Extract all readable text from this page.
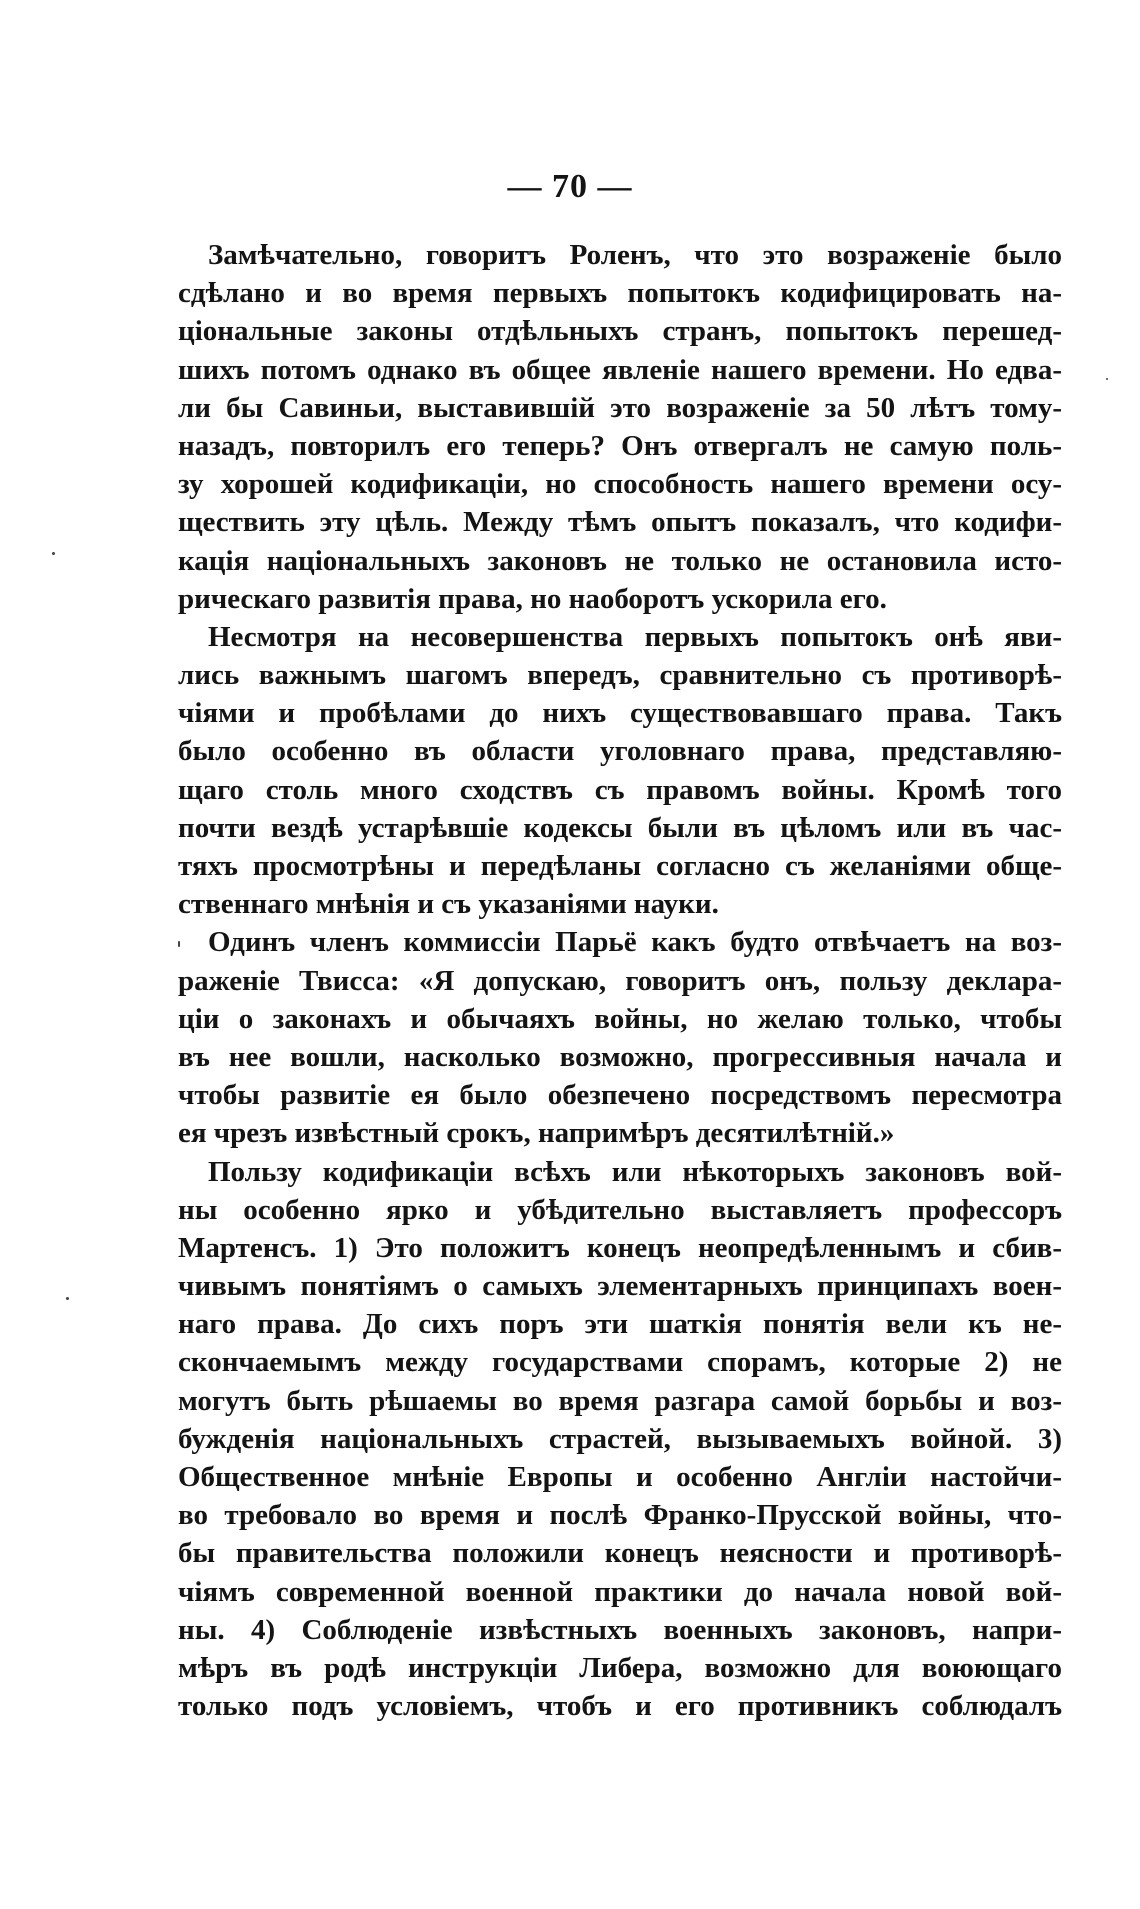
— 70 —
Замѣчательно, говоритъ Роленъ, что это возраженіе было
сдѣлано и во время первыхъ попытокъ кодифицировать на-
ціональные законы отдѣльныхъ странъ, попытокъ перешед-
шихъ потомъ однако въ общее явленіе нашего времени. Но едва-
ли бы Савиньи, выставившій это возраженіе за 50 лѣтъ тому-
назадъ, повторилъ его теперь? Онъ отвергалъ не самую поль-
зу хорошей кодификаціи, но способность нашего времени осу-
ществить эту цѣль. Между тѣмъ опытъ показалъ, что кодифи-
кація національныхъ законовъ не только не остановила исто-
рическаго развитія права, но наоборотъ ускорила его.
Несмотря на несовершенства первыхъ попытокъ онѣ яви-
лись важнымъ шагомъ впередъ, сравнительно съ противорѣ-
чіями и пробѣлами до нихъ существовавшаго права. Такъ
было особенно въ области уголовнаго права, представляю-
щаго столь много сходствъ съ правомъ войны. Кромѣ того
почти вездѣ устарѣвшіе кодексы были въ цѣломъ или въ час-
тяхъ просмотрѣны и передѣланы согласно съ желаніями обще-
ственнаго мнѣнія и съ указаніями науки.
Одинъ членъ коммиссіи Парьё какъ будто отвѣчаетъ на воз-
раженіе Твисса: «Я допускаю, говоритъ онъ, пользу деклара-
ціи о законахъ и обычаяхъ войны, но желаю только, чтобы
въ нее вошли, насколько возможно, прогрессивныя начала и
чтобы развитіе ея было обезпечено посредствомъ пересмотра
ея чрезъ извѣстный срокъ, напримѣръ десятилѣтній.»
Пользу кодификаціи всѣхъ или нѣкоторыхъ законовъ вой-
ны особенно ярко и убѣдительно выставляетъ профессоръ
Мартенсъ. 1) Это положитъ конецъ неопредѣленнымъ и сбив-
чивымъ понятіямъ о самыхъ элементарныхъ принципахъ воен-
наго права. До сихъ поръ эти шаткія понятія вели къ не-
скончаемымъ между государствами спорамъ, которые 2) не
могутъ быть рѣшаемы во время разгара самой борьбы и воз-
бужденія національныхъ страстей, вызываемыхъ войной. 3)
Общественное мнѣніе Европы и особенно Англіи настойчи-
во требовало во время и послѣ Франко-Прусской войны, что-
бы правительства положили конецъ неясности и противорѣ-
чіямъ современной военной практики до начала новой вой-
ны. 4) Соблюденіе извѣстныхъ военныхъ законовъ, напри-
мѣръ въ родѣ инструкціи Либера, возможно для воюющаго
только подъ условіемъ, чтобъ и его противникъ соблюдалъ
